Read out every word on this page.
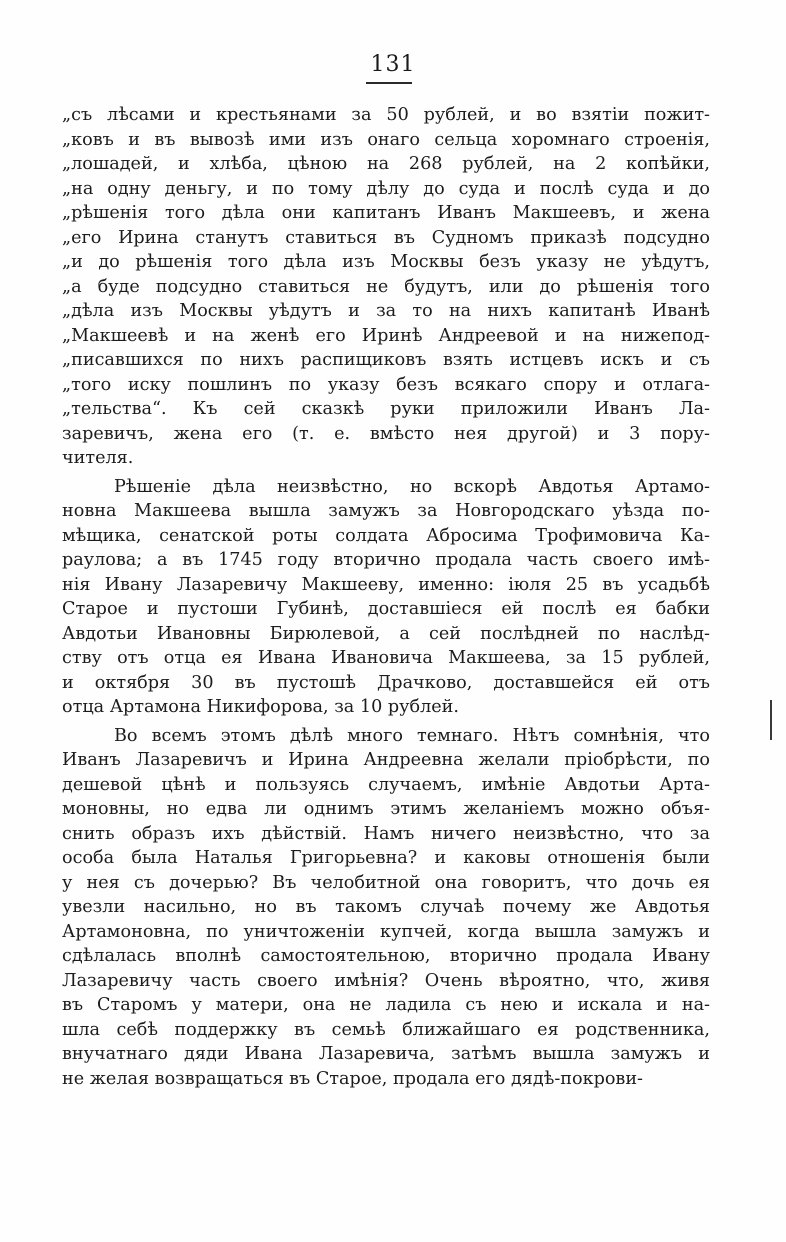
131
„съ лѣсами и крестьянами за 50 рублей, и во взятіи пожит-
„ковъ и въ вывозѣ ими изъ онаго сельца хоромнаго строенія,
„лошадей, и хлѣба, цѣною на 268 рублей, на 2 копѣйки,
„на одну деньгу, и по тому дѣлу до суда и послѣ суда и до
„рѣшенія того дѣла они капитанъ Иванъ Макшеевъ, и жена
„его Ирина станутъ ставиться въ Судномъ приказѣ подсудно
„и до рѣшенія того дѣла изъ Москвы безъ указу не уѣдутъ,
„а буде подсудно ставиться не будутъ, или до рѣшенія того
„дѣла изъ Москвы уѣдутъ и за то на нихъ капитанѣ Иванѣ
„Макшеевѣ и на женѣ его Иринѣ Андреевой и на нижепод-
„писавшихся по нихъ распищиковъ взять истцевъ искъ и съ
„того иску пошлинъ по указу безъ всякаго спору и отлага-
„тельства“. Къ сей сказкѣ руки приложили Иванъ Ла-
заревичъ, жена его (т. е. вмѣсто нея другой) и 3 пору-
чителя.
Рѣшеніе дѣла неизвѣстно, но вскорѣ Авдотья Артамо-
новна Макшеева вышла замужъ за Новгородскаго уѣзда по-
мѣщика, сенатской роты солдата Абросима Трофимовича Ка-
раулова; а въ 1745 году вторично продала часть своего имѣ-
нія Ивану Лазаревичу Макшееву, именно: іюля 25 въ усадьбѣ
Старое и пустоши Губинѣ, доставшіеся ей послѣ ея бабки
Авдотьи Ивановны Бирюлевой, а сей послѣдней по наслѣд-
ству отъ отца ея Ивана Ивановича Макшеева, за 15 рублей,
и октября 30 въ пустошѣ Драчково, доставшейся ей отъ
отца Артамона Никифорова, за 10 рублей.
Во всемъ этомъ дѣлѣ много темнаго. Нѣтъ сомнѣнія, что
Иванъ Лазаревичъ и Ирина Андреевна желали пріобрѣсти, по
дешевой цѣнѣ и пользуясь случаемъ, имѣніе Авдотьи Арта-
моновны, но едва ли однимъ этимъ желаніемъ можно объя-
снить образъ ихъ дѣйствій. Намъ ничего неизвѣстно, что за
особа была Наталья Григорьевна? и каковы отношенія были
у нея съ дочерью? Въ челобитной она говоритъ, что дочь ея
увезли насильно, но въ такомъ случаѣ почему же Авдотья
Артамоновна, по уничтоженіи купчей, когда вышла замужъ и
сдѣлалась вполнѣ самостоятельною, вторично продала Ивану
Лазаревичу часть своего имѣнія? Очень вѣроятно, что, живя
въ Старомъ у матери, она не ладила съ нею и искала и на-
шла себѣ поддержку въ семьѣ ближайшаго ея родственника,
внучатнаго дяди Ивана Лазаревича, затѣмъ вышла замужъ и
не желая возвращаться въ Старое, продала его дядѣ-покрови-
